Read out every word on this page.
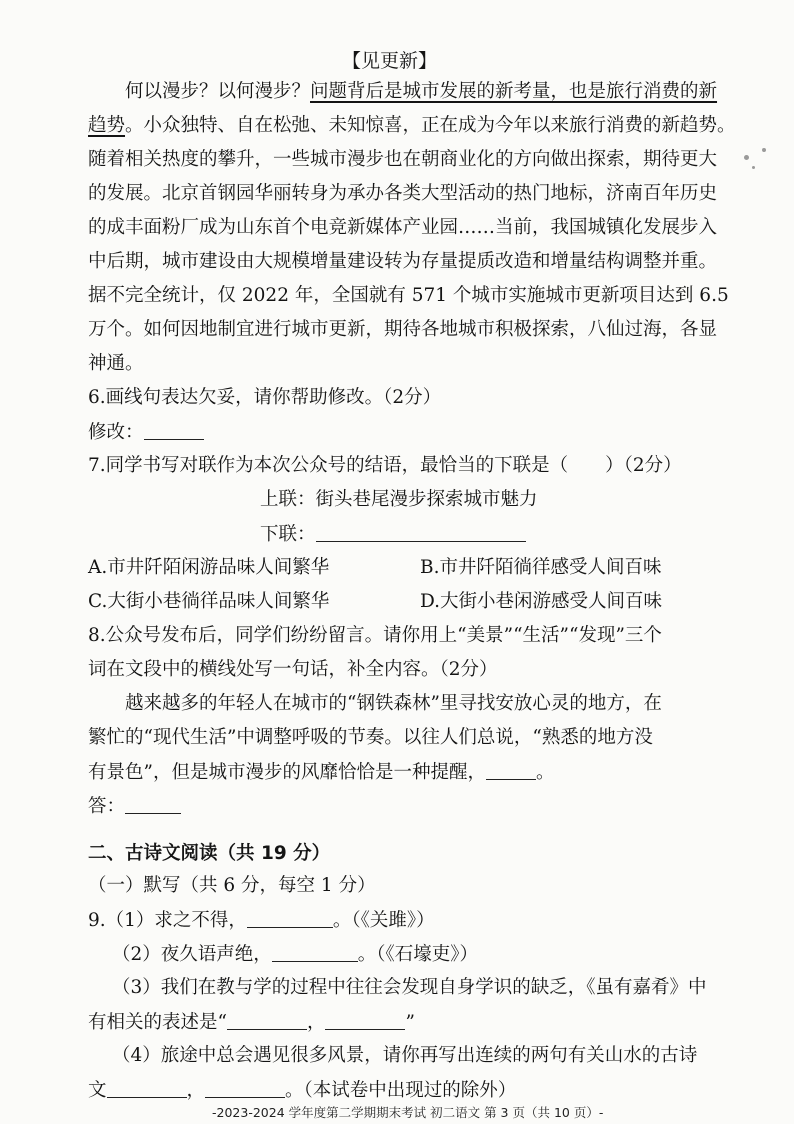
【见更新】
何以漫步？以何漫步？问题背后是城市发展的新考量，也是旅行消费的新
趋势。小众独特、自在松弛、未知惊喜，正在成为今年以来旅行消费的新趋势。
随着相关热度的攀升，一些城市漫步也在朝商业化的方向做出探索，期待更大
的发展。北京首钢园华丽转身为承办各类大型活动的热门地标，济南百年历史
的成丰面粉厂成为山东首个电竞新媒体产业园……当前，我国城镇化发展步入
中后期，城市建设由大规模增量建设转为存量提质改造和增量结构调整并重。
据不完全统计，仅 2022 年，全国就有 571 个城市实施城市更新项目达到 6.5
万个。如何因地制宜进行城市更新，期待各地城市积极探索，八仙过海，各显
神通。
6.画线句表达欠妥，请你帮助修改。（2分）
修改：
7.同学书写对联作为本次公众号的结语，最恰当的下联是（　　）（2分）
上联：街头巷尾漫步探索城市魅力
下联：
A.市井阡陌闲游品味人间繁华	B.市井阡陌徜徉感受人间百味
C.大街小巷徜徉品味人间繁华	D.大街小巷闲游感受人间百味
8.公众号发布后，同学们纷纷留言。请你用上“美景”“生活”“发现”三个
词在文段中的横线处写一句话，补全内容。（2分）
越来越多的年轻人在城市的“钢铁森林”里寻找安放心灵的地方，在
繁忙的“现代生活”中调整呼吸的节奏。以往人们总说，“熟悉的地方没
有景色”，但是城市漫步的风靡恰恰是一种提醒，	。
答：
二、古诗文阅读（共 19 分）
（一）默写（共 6 分，每空 1 分）
9.（1）求之不得，	。（《关雎》）
（2）夜久语声绝，	。（《石壕吏》）
（3）我们在教与学的过程中往往会发现自身学识的缺乏，《虽有嘉肴》中
有相关的表述是“	，	”
（4）旅途中总会遇见很多风景，请你再写出连续的两句有关山水的古诗
文	，	。（本试卷中出现过的除外）
-2023-2024 学年度第二学期期末考试 初二语文 第 3 页（共 10 页）-
